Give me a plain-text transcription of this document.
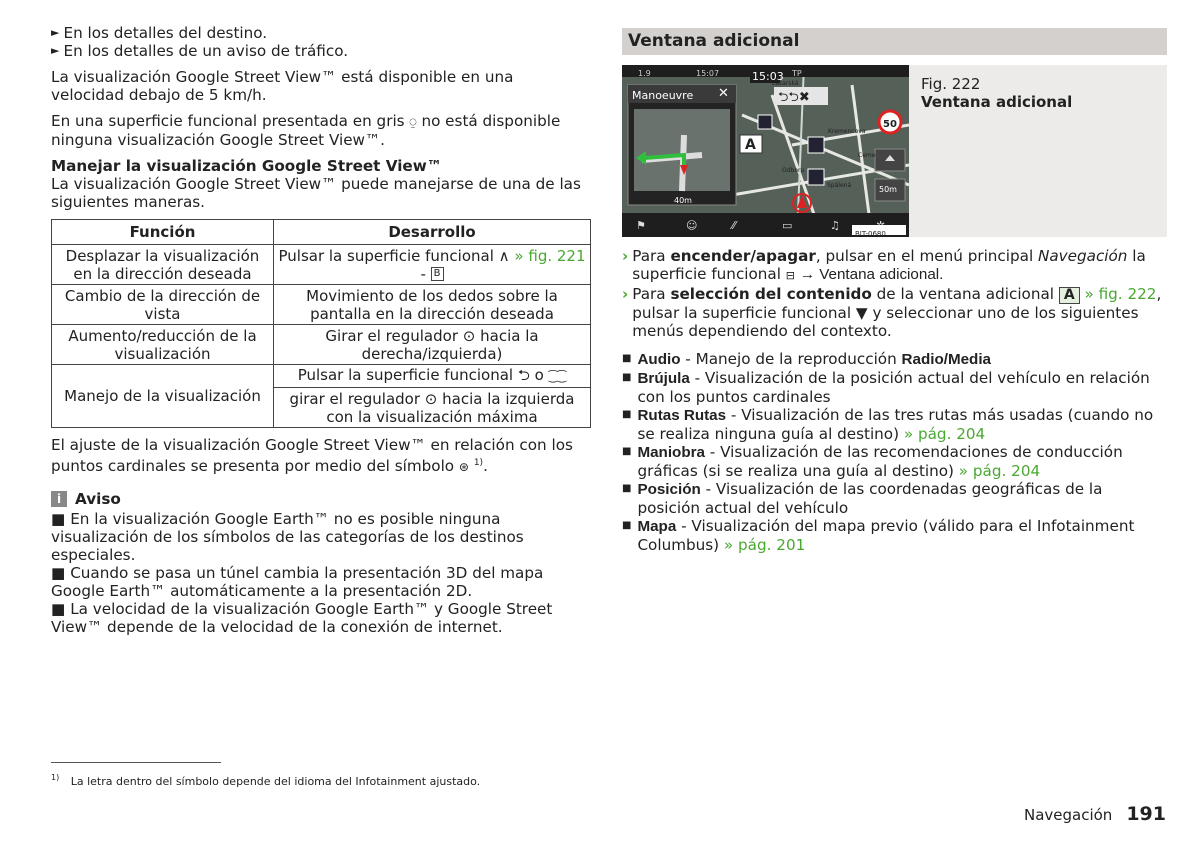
► En los detalles del destino.
► En los detalles de un aviso de tráfico.

La visualización Google Street View™ está disponible en una velocidad debajo de 5 km/h.

En una superficie funcional presentada en gris ⍜ no está disponible ninguna visualización Google Street View™.

Manejar la visualización Google Street View™

La visualización Google Street View™ puede manejarse de una de las siguientes maneras.

Función	Desarrollo
Desplazar la visualización en la dirección deseada	Pulsar la superficie funcional ∧ » fig. 221 - B
Cambio de la dirección de vista	Movimiento de los dedos sobre la pantalla en la dirección deseada
Aumento/reducción de la visualización	Girar el regulador ⊙ hacia la derecha/izquierda)
Manejo de la visualización	Pulsar la superficie funcional ⮌ o ⁐⁐
	girar el regulador ⊙ hacia la izquierda con la visualización máxima

El ajuste de la visualización Google Street View™ en relación con los puntos cardinales se presenta por medio del símbolo ⊛ $^{1)}$.

i Aviso

■ En la visualización Google Earth™ no es posible ninguna visualización de los símbolos de las categorías de los destinos especiales.

■ Cuando se pasa un túnel cambia la presentación 3D del mapa Google Earth™ automáticamente a la presentación 2D.

■ La velocidad de la visualización Google Earth™ y Google Street View™ depende de la velocidad de la conexión de internet.

Ventana adicional
⚑	☺	⁄⁄	▭	♫
A
⮌⮌✖
15:03
1.9	15:07	TP
Manoeuvre ✕
40m
50
50m
BIT-0680
Kremencova
Odboru
Spálená
Lazarská
Ceme
Fig. 222
Ventana adicional
› Para encender/apagar, pulsar en el menú principal Navegación la superficie funcional ⊟ → Ventana adicional.
› Para selección del contenido de la ventana adicional A » fig. 222, pulsar la superficie funcional ▼ y seleccionar uno de los siguientes menús dependiendo del contexto.
■ Audio - Manejo de la reproducción Radio/Media
■ Brújula - Visualización de la posición actual del vehículo en relación con los puntos cardinales
■ Rutas Rutas - Visualización de las tres rutas más usadas (cuando no se realiza ninguna guía al destino) » pág. 204
■ Maniobra - Visualización de las recomendaciones de conducción gráficas (si se realiza una guía al destino) » pág. 204
■ Posición - Visualización de las coordenadas geográficas de la posición actual del vehículo
■ Mapa - Visualización del mapa previo (válido para el Infotainment Columbus) » pág. 201
$^{1)}$ La letra dentro del símbolo depende del idioma del Infotainment ajustado.
Navegación 191
